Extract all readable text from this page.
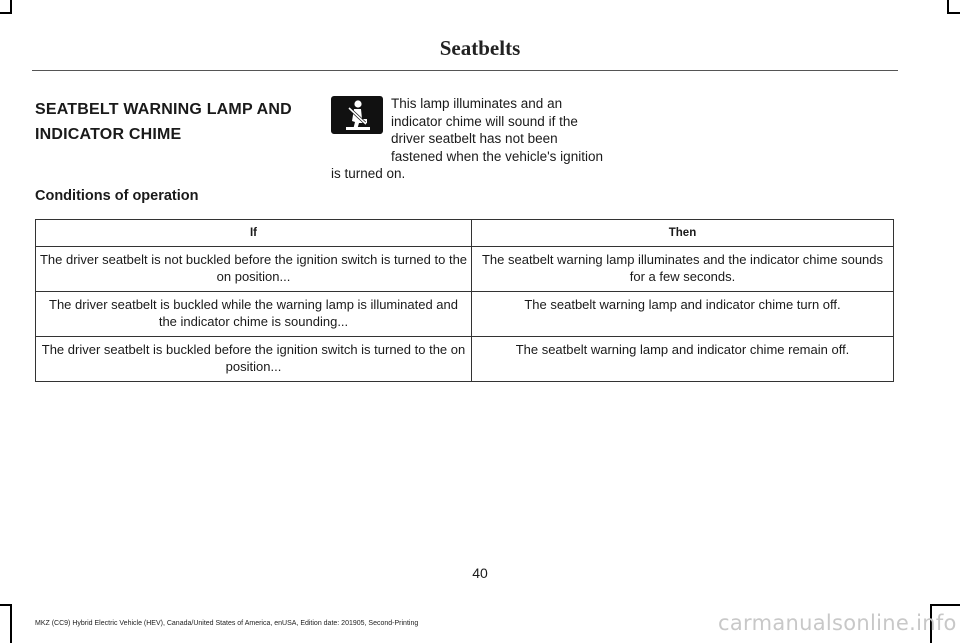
Seatbelts
SEATBELT WARNING LAMP AND
INDICATOR CHIME
This lamp illuminates and an indicator chime will sound if the driver seatbelt has not been fastened when the vehicle's ignition is turned on.
Conditions of operation
If	Then
The driver seatbelt is not buckled before the ignition switch is turned to the on position...	The seatbelt warning lamp illuminates and the indicator chime sounds for a few seconds.
The driver seatbelt is buckled while the warning lamp is illuminated and the indicator chime is sounding...	The seatbelt warning lamp and indicator chime turn off.
The driver seatbelt is buckled before the ignition switch is turned to the on position...	The seatbelt warning lamp and indicator chime remain off.
40
MKZ (CC9) Hybrid Electric Vehicle (HEV), Canada/United States of America, enUSA, Edition date: 201905, Second-Printing	carmanualsonline.info
